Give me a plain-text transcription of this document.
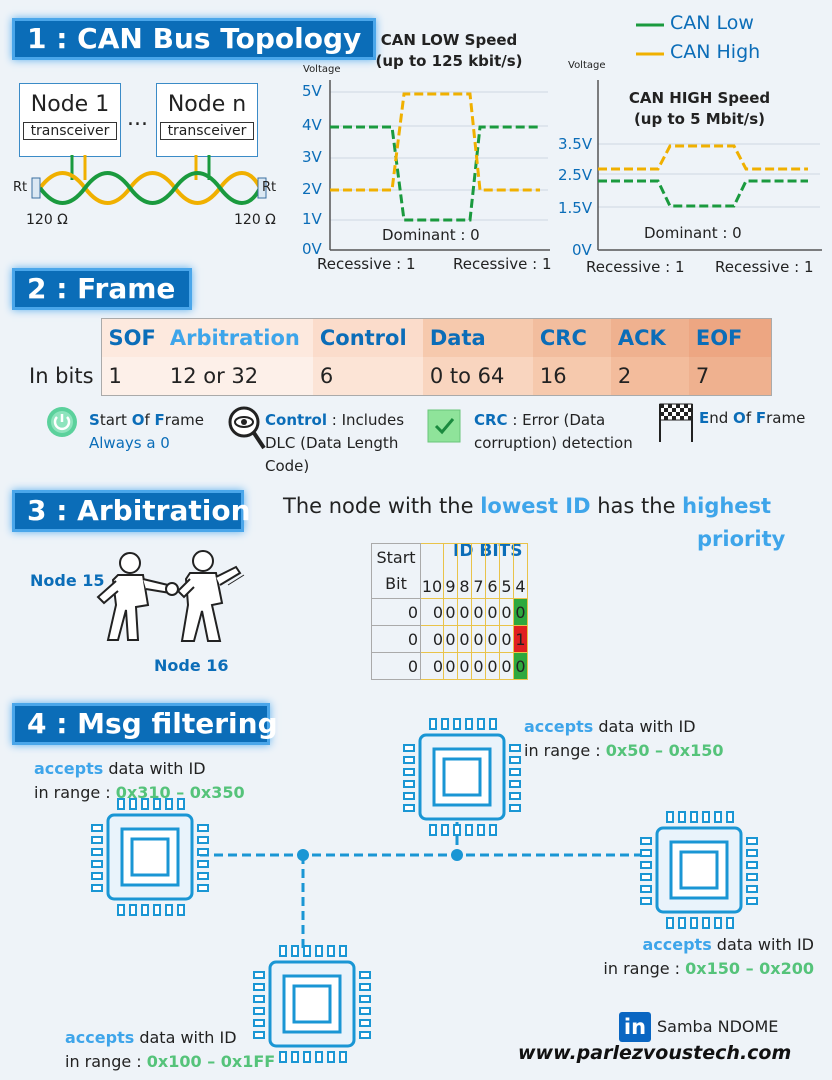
1 : CAN Bus Topology
Node 1
transceiver ...
Node n
transceiver
Rt	Rt
120 Ω	120 Ω
CAN LOW Speed
(up to 125 kbit/s)
CAN Low
CAN High
Voltage
5V
4V
3V
2V
1V
0V
Dominant : 0
Recessive : 1	Recessive : 1
Voltage
CAN HIGH Speed
(up to 5 Mbit/s)
3.5V
2.5V
1.5V
0V
Dominant : 0
Recessive : 1 Recessive : 1
2 : Frame
	SOF	Arbitration	Control	Data	CRC	ACK	EOF
In bits	1	12 or 32	6	0 to 64	16	2	7
Start Of Frame
Always a 0
Control : Includes
DLC (Data Length
Code)
CRC : Error (Data
corruption) detection
End Of Frame
3 : Arbitration The node with the lowest ID has the highest
priority
Node 15
Node 16
ID BITS
Start
Bit	10	9	8	7	6	5	4
0	0	0	0	0	0	0	0
0	0	0	0	0	0	0	1
0	0	0	0	0	0	0	0
4 : Msg filtering
accepts data with ID
in range : 0x310 – 0x350
accepts data with ID
in range : 0x50 – 0x150
accepts data with ID
in range : 0x150 – 0x200
accepts data with ID
in range : 0x100 – 0x1FF
in Samba NDOME
www.parlezvoustech.com
